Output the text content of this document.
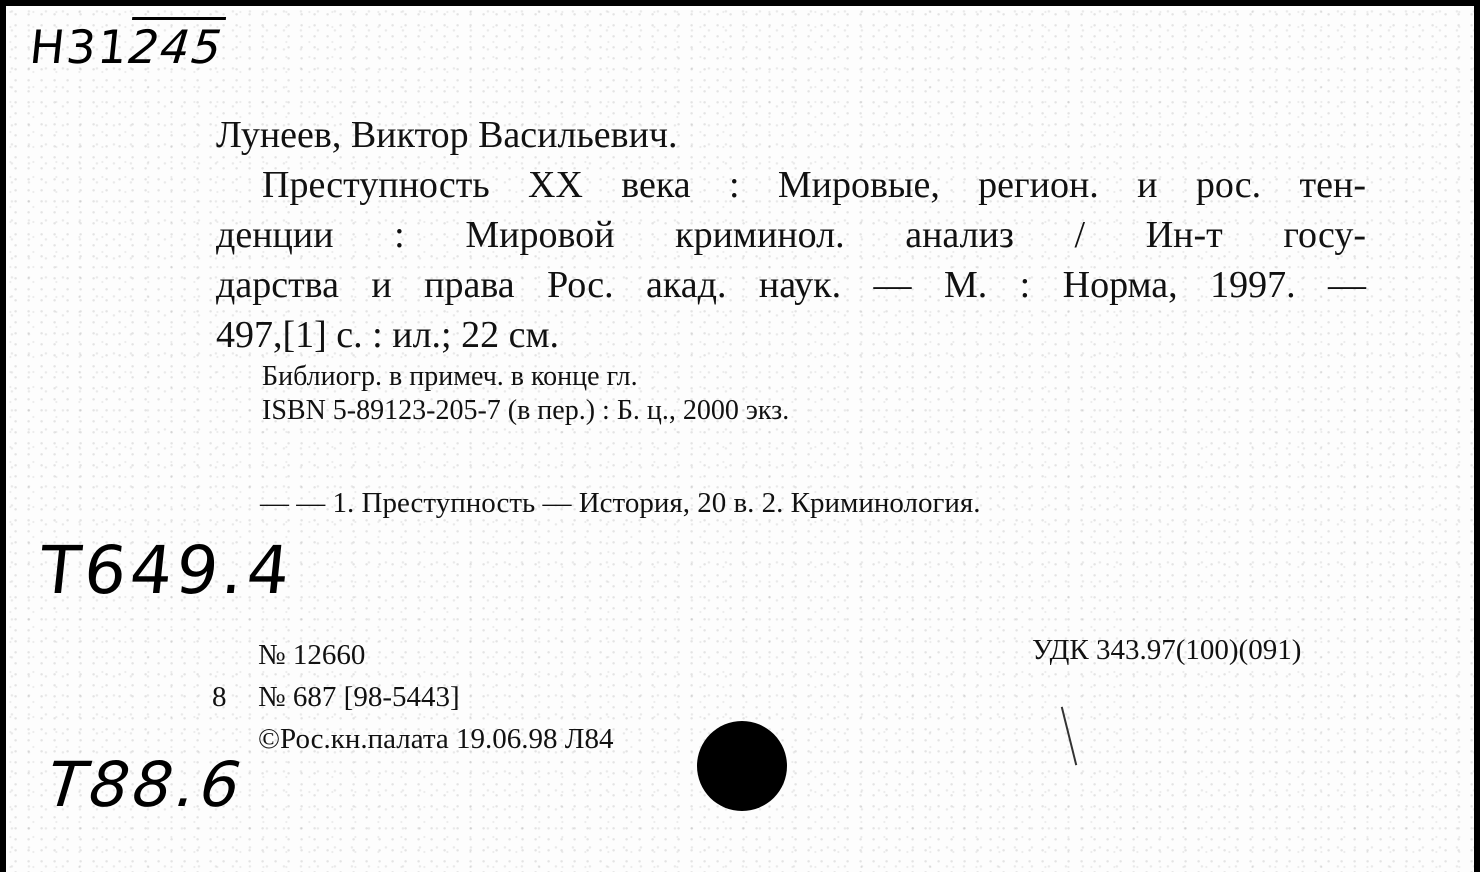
Н31245
Лунеев, Виктор Васильевич.
Преступность XX века : Мировые, регион. и рос. тен-
денции : Мировой криминол. анализ / Ин-т госу-
дарства и права Рос. акад. наук. — М. : Норма, 1997. —
497,[1] с. : ил.; 22 см.
Библиогр. в примеч. в конце гл.
ISBN 5-89123-205-7 (в пер.) : Б. ц., 2000 экз.
— — 1. Преступность — История, 20 в. 2. Криминология.
Т649.4
№ 12660
8 № 687 [98-5443]
©Рос.кн.палата 19.06.98 Л84
УДК 343.97(100)(091)
Т88.6
